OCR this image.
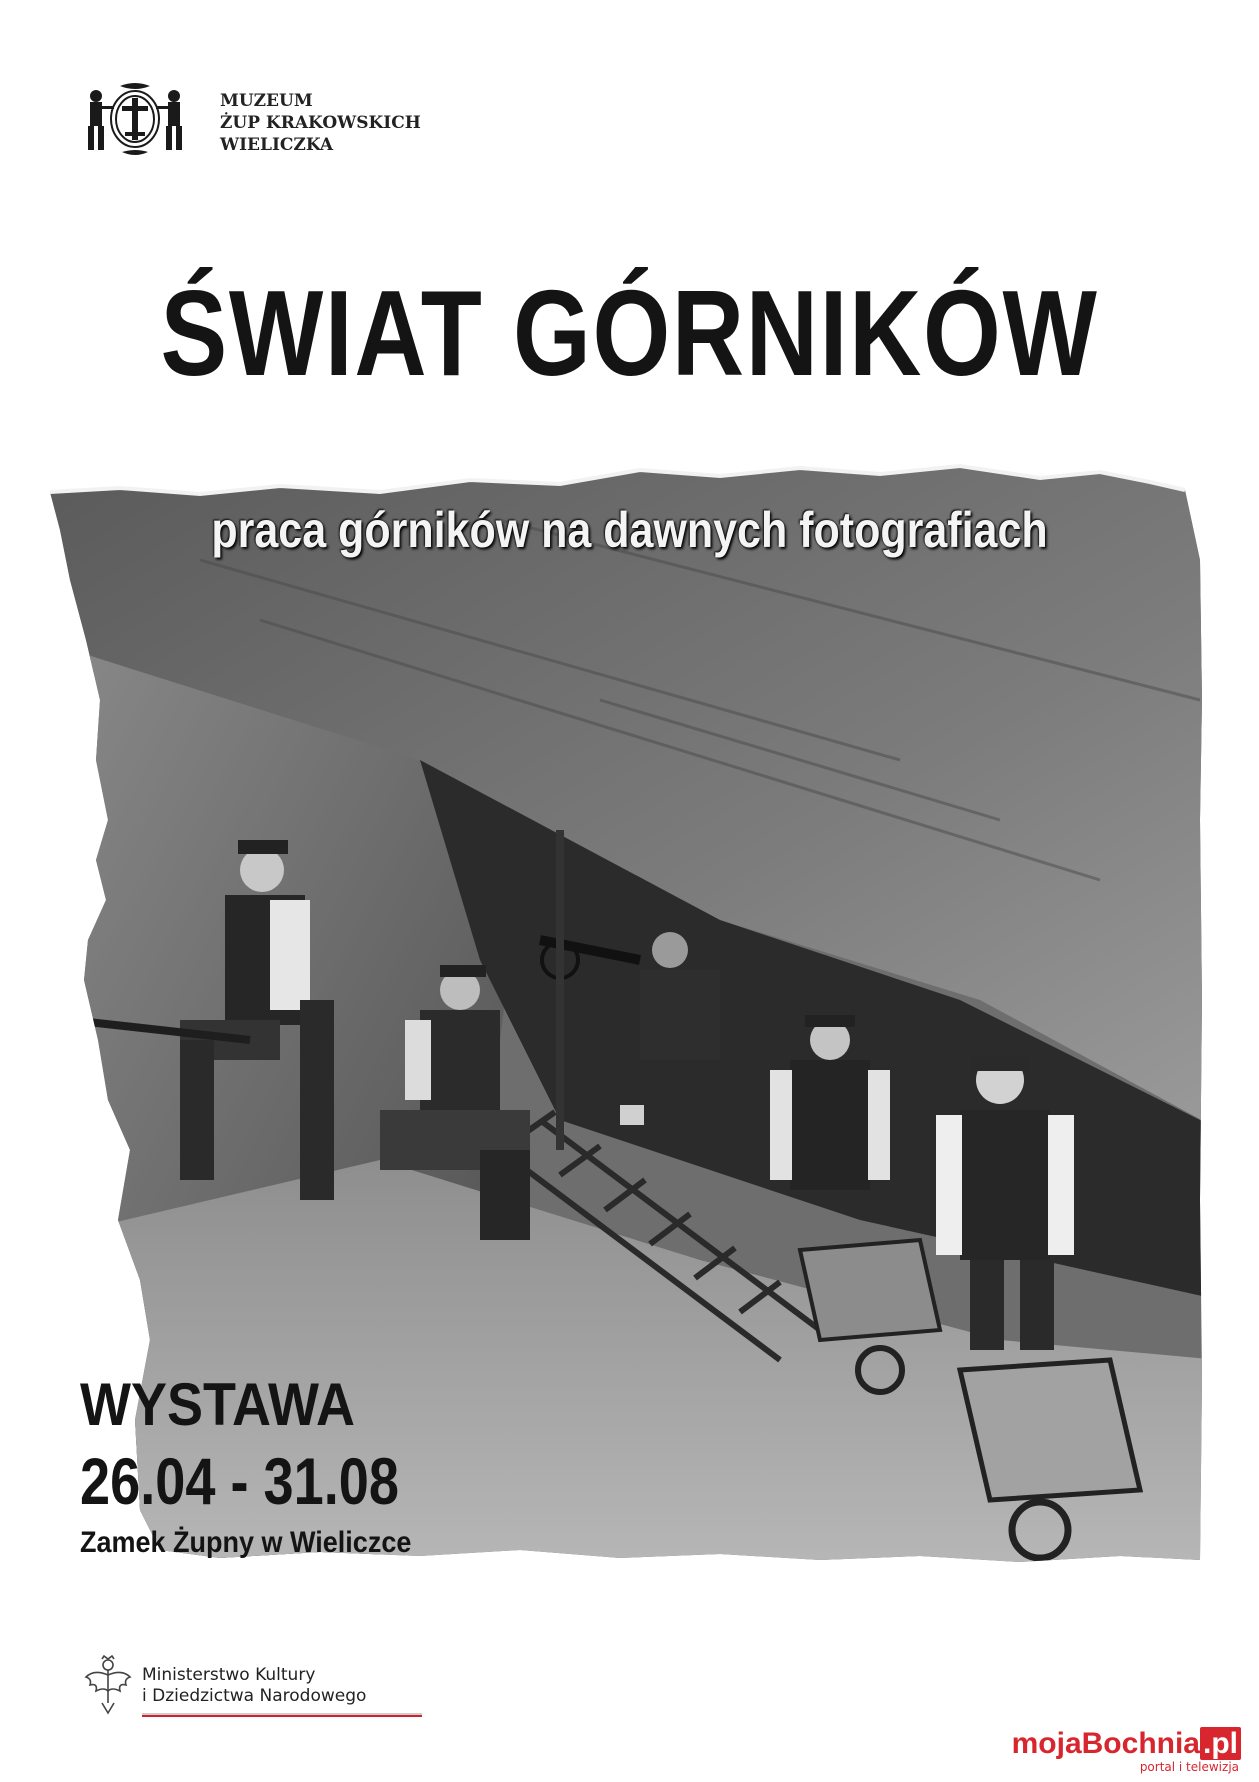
MUZEUM
ŻUP KRAKOWSKICH
WIELICZKA
ŚWIAT GÓRNIKÓW
praca górników na dawnych fotografiach
WYSTAWA
26.04 - 31.08
Zamek Żupny w Wieliczce
Ministerstwo Kultury
i Dziedzictwa Narodowego
mojaBochnia .pl
portal i telewizja
